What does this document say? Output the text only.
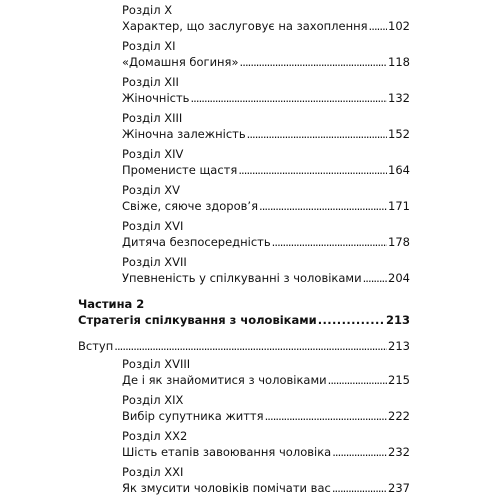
Розділ X
Характер, що заслуговує на захоплення . . . 102
Розділ XI
«Домашня богиня» . . .	118
Розділ XII
Жіночність . . .	132
Розділ XIII
Жіночна залежність . . .	152
Розділ XIV
Променисте щастя . . .	164
Розділ XV
Свіже, сяюче здоров’я . . .	171
Розділ XVI
Дитяча безпосередність . . .	178
Розділ XVII
Упевненість у спілкуванні з чоловіками . . . 204
Частина 2
Стратегія спілкування з чоловіками . . .	213
Вступ . . .	213
Розділ XVIII
Де і як знайомитися з чоловіками . . .	215
Розділ XIX
Вибір супутника життя . . .	222
Розділ XX2
Шість етапів завоювання чоловіка . . .	232
Розділ XXI
Як змусити чоловіків помічати вас . . .	237
